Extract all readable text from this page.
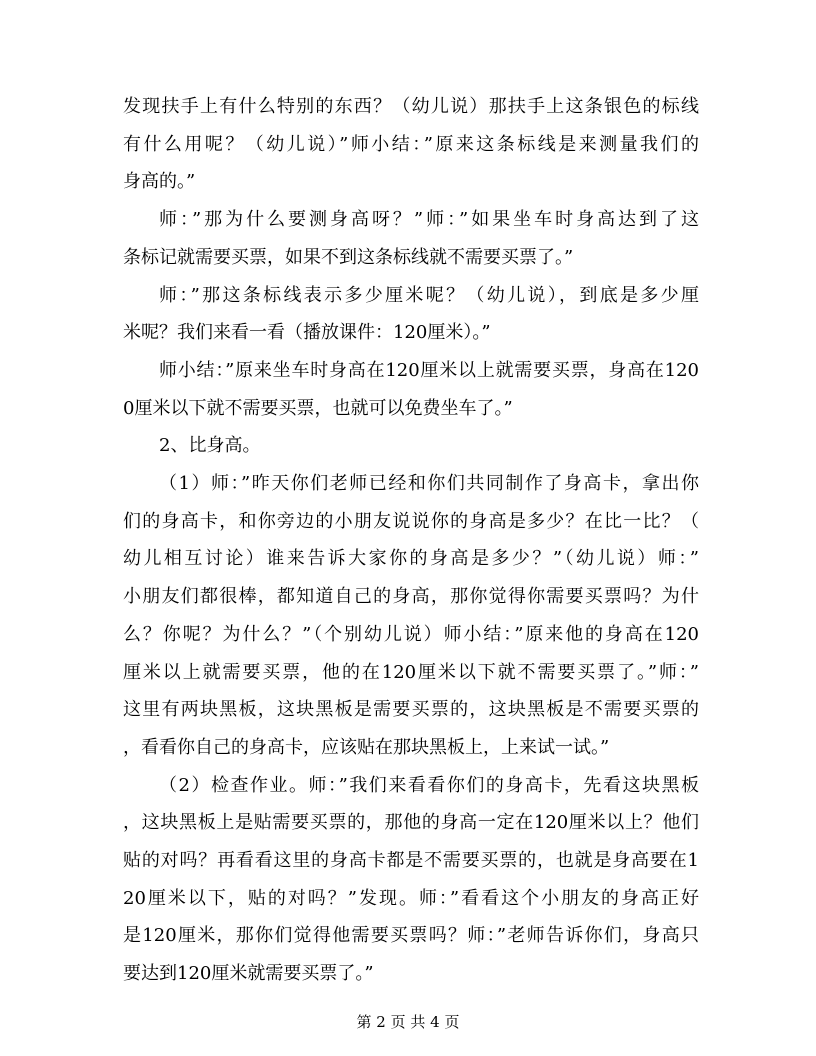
发现扶手上有什么特别的东西？（幼儿说）那扶手上这条银色的标线
有什么用呢？（幼儿说）”师小结：”原来这条标线是来测量我们的
身高的。”
师：”那为什么要测身高呀？”师：”如果坐车时身高达到了这
条标记就需要买票，如果不到这条标线就不需要买票了。”
师：”那这条标线表示多少厘米呢？（幼儿说），到底是多少厘
米呢？我们来看一看（播放课件：120厘米）。”
师小结：”原来坐车时身高在120厘米以上就需要买票，身高在120
0厘米以下就不需要买票，也就可以免费坐车了。”
2、比身高。
（1）师：”昨天你们老师已经和你们共同制作了身高卡，拿出你
们的身高卡，和你旁边的小朋友说说你的身高是多少？在比一比？（
幼儿相互讨论）谁来告诉大家你的身高是多少？”（幼儿说）师：”
小朋友们都很棒，都知道自己的身高，那你觉得你需要买票吗？为什
么？你呢？为什么？”（个别幼儿说）师小结：”原来他的身高在120
厘米以上就需要买票，他的在120厘米以下就不需要买票了。”师：”
这里有两块黑板，这块黑板是需要买票的，这块黑板是不需要买票的
，看看你自己的身高卡，应该贴在那块黑板上，上来试一试。”
（2）检查作业。师：”我们来看看你们的身高卡，先看这块黑板
，这块黑板上是贴需要买票的，那他的身高一定在120厘米以上？他们
贴的对吗？再看看这里的身高卡都是不需要买票的，也就是身高要在1
20厘米以下，贴的对吗？”发现。师：”看看这个小朋友的身高正好
是120厘米，那你们觉得他需要买票吗？师：”老师告诉你们，身高只
要达到120厘米就需要买票了。”
第 2 页 共 4 页
